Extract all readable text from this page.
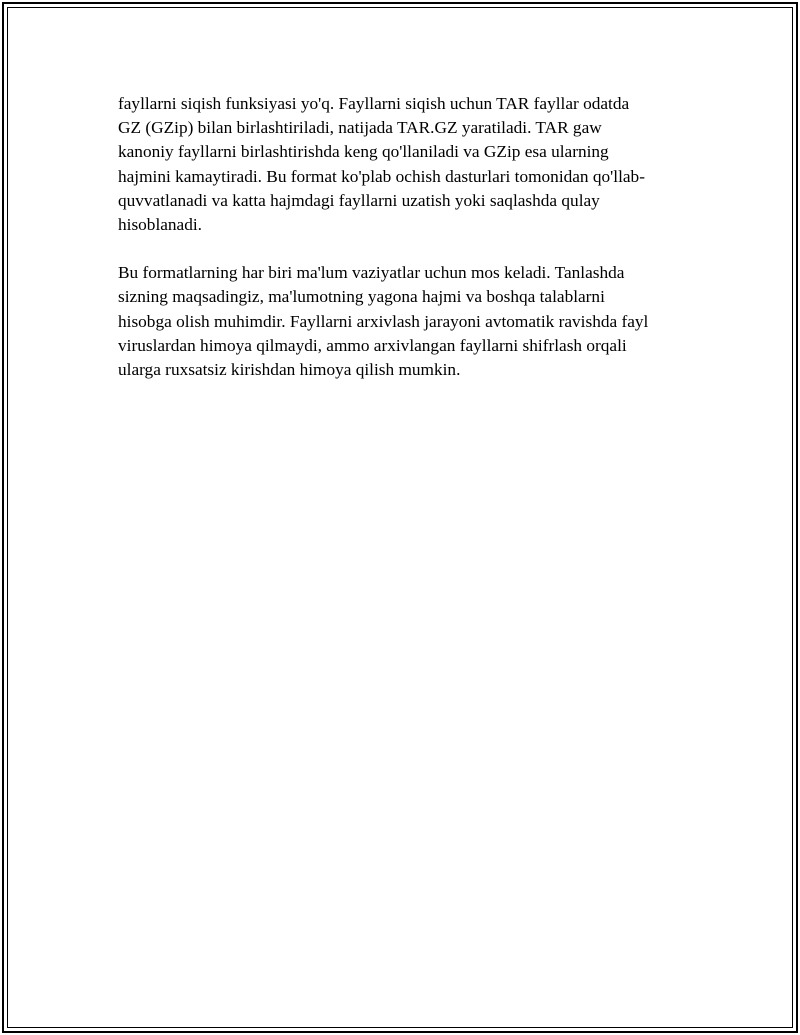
fayllarni siqish funksiyasi yo'q. Fayllarni siqish uchun TAR fayllar odatda
GZ (GZip) bilan birlashtiriladi, natijada TAR.GZ yaratiladi. TAR gaw
kanoniy fayllarni birlashtirishda keng qo'llaniladi va GZip esa ularning
hajmini kamaytiradi. Bu format ko'plab ochish dasturlari tomonidan qo'llab-
quvvatlanadi va katta hajmdagi fayllarni uzatish yoki saqlashda qulay
hisoblanadi.

Bu formatlarning har biri ma'lum vaziyatlar uchun mos keladi. Tanlashda
sizning maqsadingiz, ma'lumotning yagona hajmi va boshqa talablarni
hisobga olish muhimdir. Fayllarni arxivlash jarayoni avtomatik ravishda fayl
viruslardan himoya qilmaydi, ammo arxivlangan fayllarni shifrlash orqali
ularga ruxsatsiz kirishdan himoya qilish mumkin.
